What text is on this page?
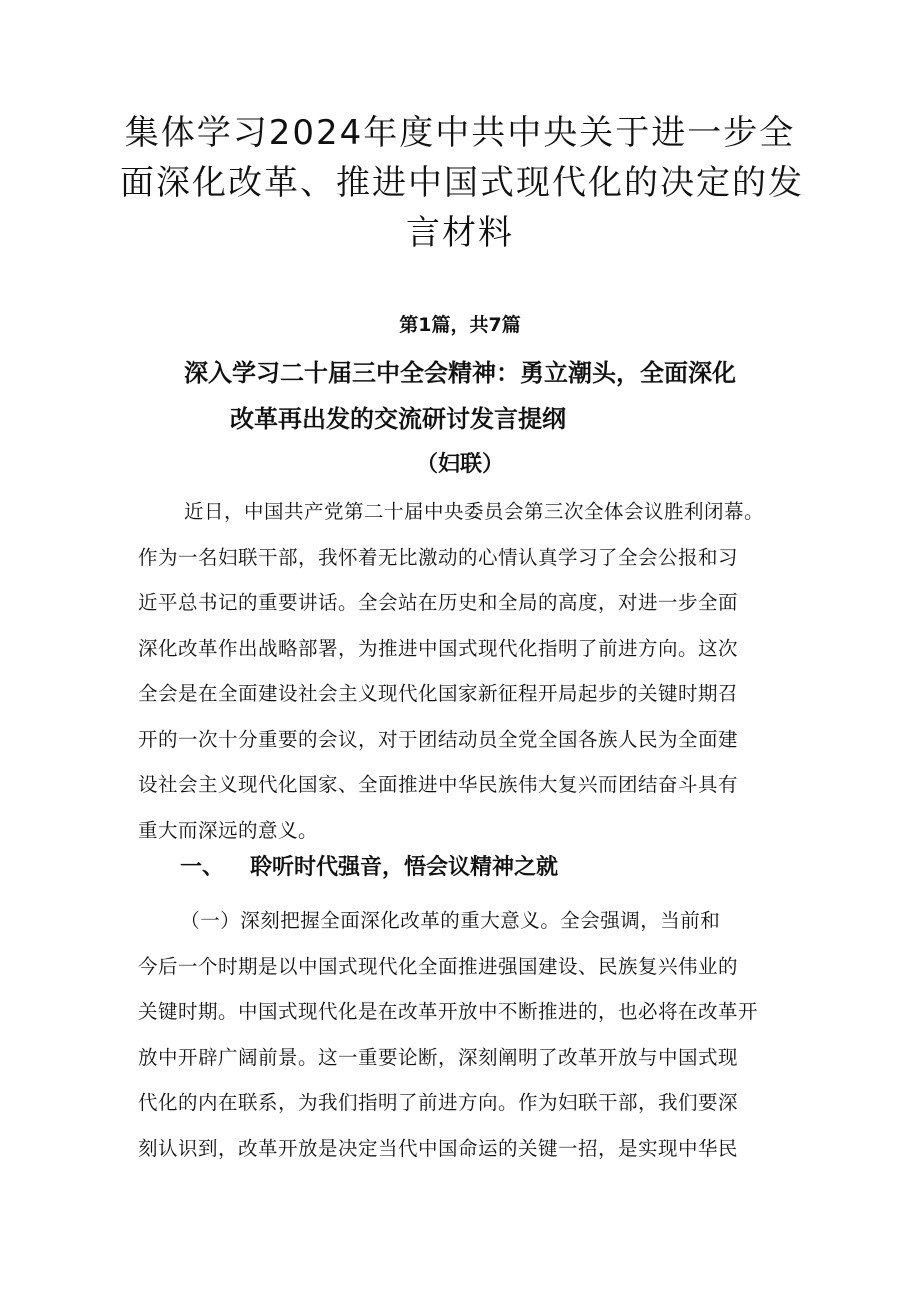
集体学习2024年度中共中央关于进一步全
面深化改革、推进中国式现代化的决定的发
言材料
第1篇，共7篇
深入学习二十届三中全会精神：勇立潮头，全面深化
改革再出发的交流研讨发言提纲
（妇联）
　近日，中国共产党第二十届中央委员会第三次全体会议胜利闭幕。
作为一名妇联干部，我怀着无比激动的心情认真学习了全会公报和习
近平总书记的重要讲话。全会站在历史和全局的高度，对进一步全面
深化改革作出战略部署，为推进中国式现代化指明了前进方向。这次
全会是在全面建设社会主义现代化国家新征程开局起步的关键时期召
开的一次十分重要的会议，对于团结动员全党全国各族人民为全面建
设社会主义现代化国家、全面推进中华民族伟大复兴而团结奋斗具有
重大而深远的意义。
一、 聆听时代强音，悟会议精神之就
　　（一）深刻把握全面深化改革的重大意义。全会强调，当前和
今后一个时期是以中国式现代化全面推进强国建设、民族复兴伟业的
关键时期。中国式现代化是在改革开放中不断推进的，也必将在改革开
放中开辟广阔前景。这一重要论断，深刻阐明了改革开放与中国式现
代化的内在联系，为我们指明了前进方向。作为妇联干部，我们要深
刻认识到，改革开放是决定当代中国命运的关键一招，是实现中华民
